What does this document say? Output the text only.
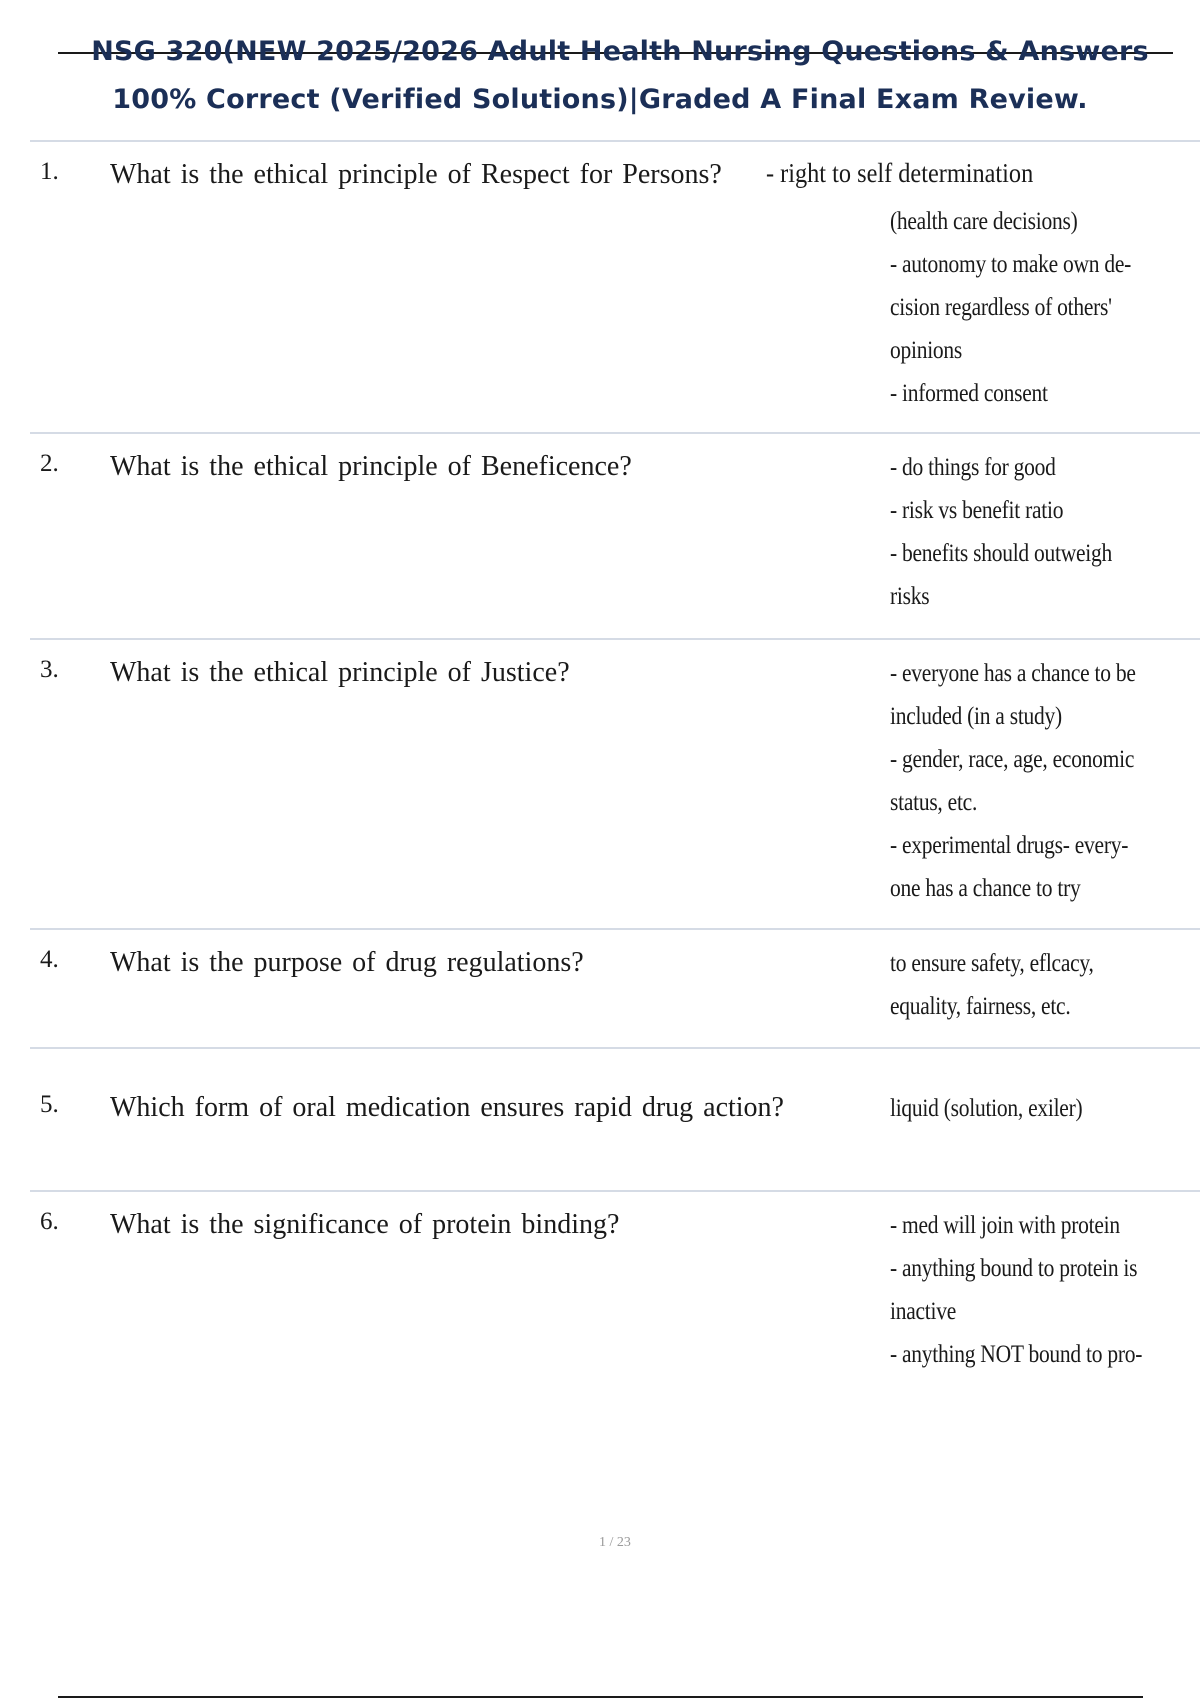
NSG 320(NEW 2025/2026 Adult Health Nursing Questions & Answers
100% Correct (Verified Solutions)|Graded A Final Exam Review.
1. What is the ethical principle of Respect for Persons?	- right to self determination
(health care decisions)
- autonomy to make own de-
cision regardless of others'
opinions
- informed consent
2. What is the ethical principle of Beneficence?	- do things for good
- risk vs benefit ratio
- benefits should outweigh
risks
3. What is the ethical principle of Justice?	- everyone has a chance to be
included (in a study)
- gender, race, age, economic
status, etc.
- experimental drugs- every-
one has a chance to try
4. What is the purpose of drug regulations?	to ensure safety, eflcacy,
equality, fairness, etc.
5. Which form of oral medication ensures rapid drug action?	liquid (solution, exiler)
6. What is the significance of protein binding?	- med will join with protein
- anything bound to protein is
inactive
- anything NOT bound to pro-
1 / 23
